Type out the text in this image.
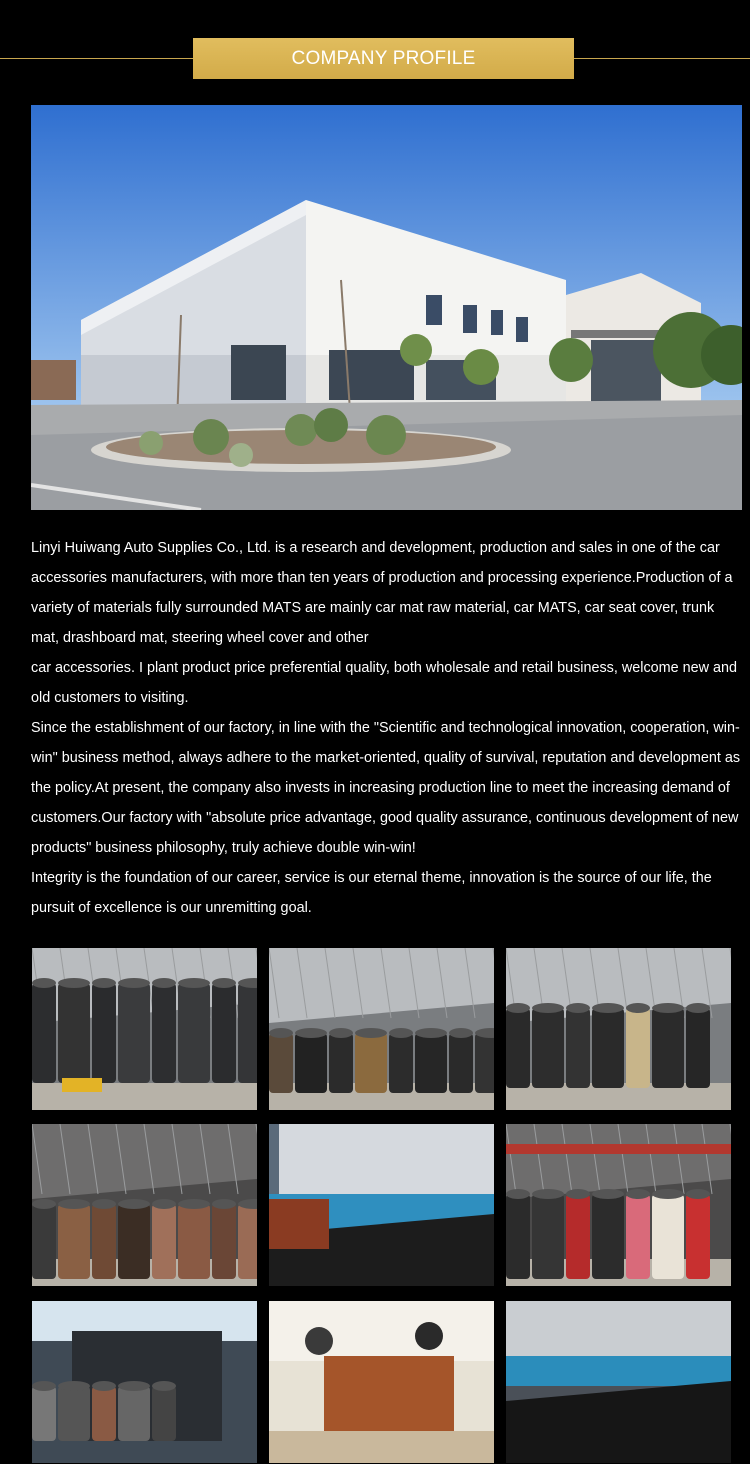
COMPANY PROFILE

Linyi Huiwang Auto Supplies Co., Ltd. is a research and development, production and sales in one of the car accessories manufacturers, with more than ten years of production and processing experience.Production of a variety of materials fully surrounded MATS are mainly car mat raw material, car MATS, car seat cover, trunk mat, drashboard mat, steering wheel cover and other

car accessories. I plant product price preferential quality, both wholesale and retail business, welcome new and old customers to visiting.

Since the establishment of our factory, in line with the "Scientific and technological innovation, cooperation, win-win" business method, always adhere to the market-oriented, quality of survival, reputation and development as the policy.At present, the company also invests in increasing production line to meet the increasing demand of customers.Our factory with "absolute price advantage, good quality assurance, continuous development of new products" business philosophy, truly achieve double win-win!

Integrity is the foundation of our career, service is our eternal theme, innovation is the source of our life, the pursuit of excellence is our unremitting goal.
